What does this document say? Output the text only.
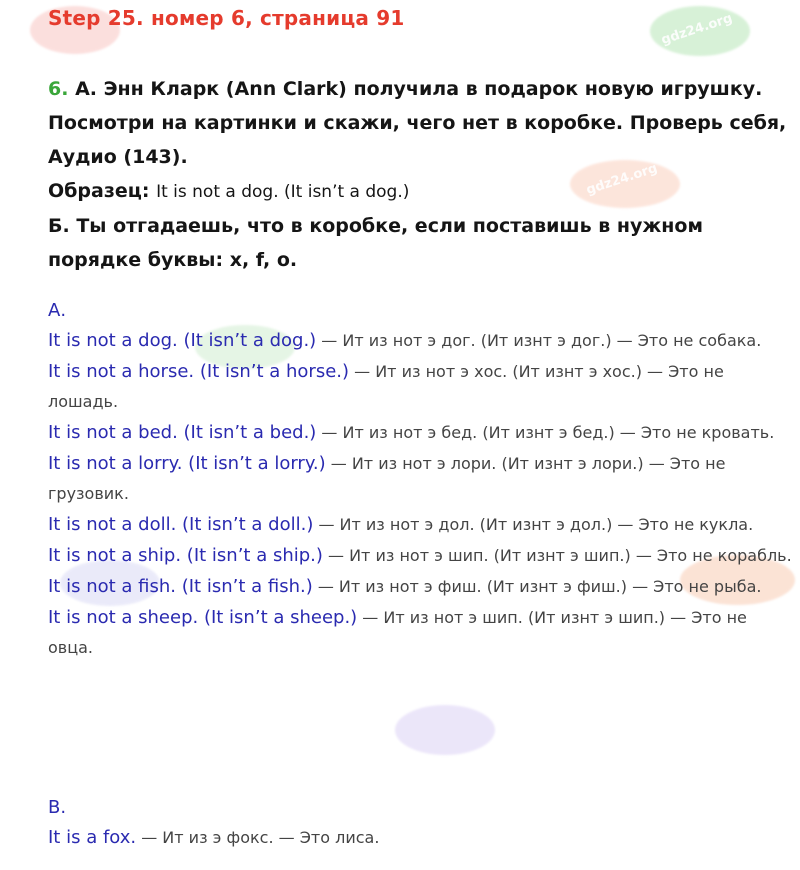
gdz24.org
gdz24.org
Step 25. номер 6, страница 91
6. А. Энн Кларк (Ann Clark) получила в подарок новую игрушку. Посмотри на картинки и скажи, чего нет в коробке. Проверь себя, Аудио (143).
Образец: It is not a dog. (It isn’t a dog.)
Б. Ты отгадаешь, что в коробке, если поставишь в нужном порядке буквы: x, f, o.
А.
It is not a dog. (It isn’t a dog.) — Ит из нот э дог. (Ит изнт э дог.) — Это не собака.
It is not a horse. (It isn’t a horse.) — Ит из нот э хос. (Ит изнт э хос.) — Это не лошадь.
It is not a bed. (It isn’t a bed.) — Ит из нот э бед. (Ит изнт э бед.) — Это не кровать.
It is not a lorry. (It isn’t a lorry.) — Ит из нот э лори. (Ит изнт э лори.) — Это не грузовик.
It is not a doll. (It isn’t a doll.) — Ит из нот э дол. (Ит изнт э дол.) — Это не кукла.
It is not a ship. (It isn’t a ship.) — Ит из нот э шип. (Ит изнт э шип.) — Это не корабль.
It is not a fish. (It isn’t a fish.) — Ит из нот э фиш. (Ит изнт э фиш.) — Это не рыба.
It is not a sheep. (It isn’t a sheep.) — Ит из нот э шип. (Ит изнт э шип.) — Это не овца.
В.
It is a fox. — Ит из э фокс. — Это лиса.
